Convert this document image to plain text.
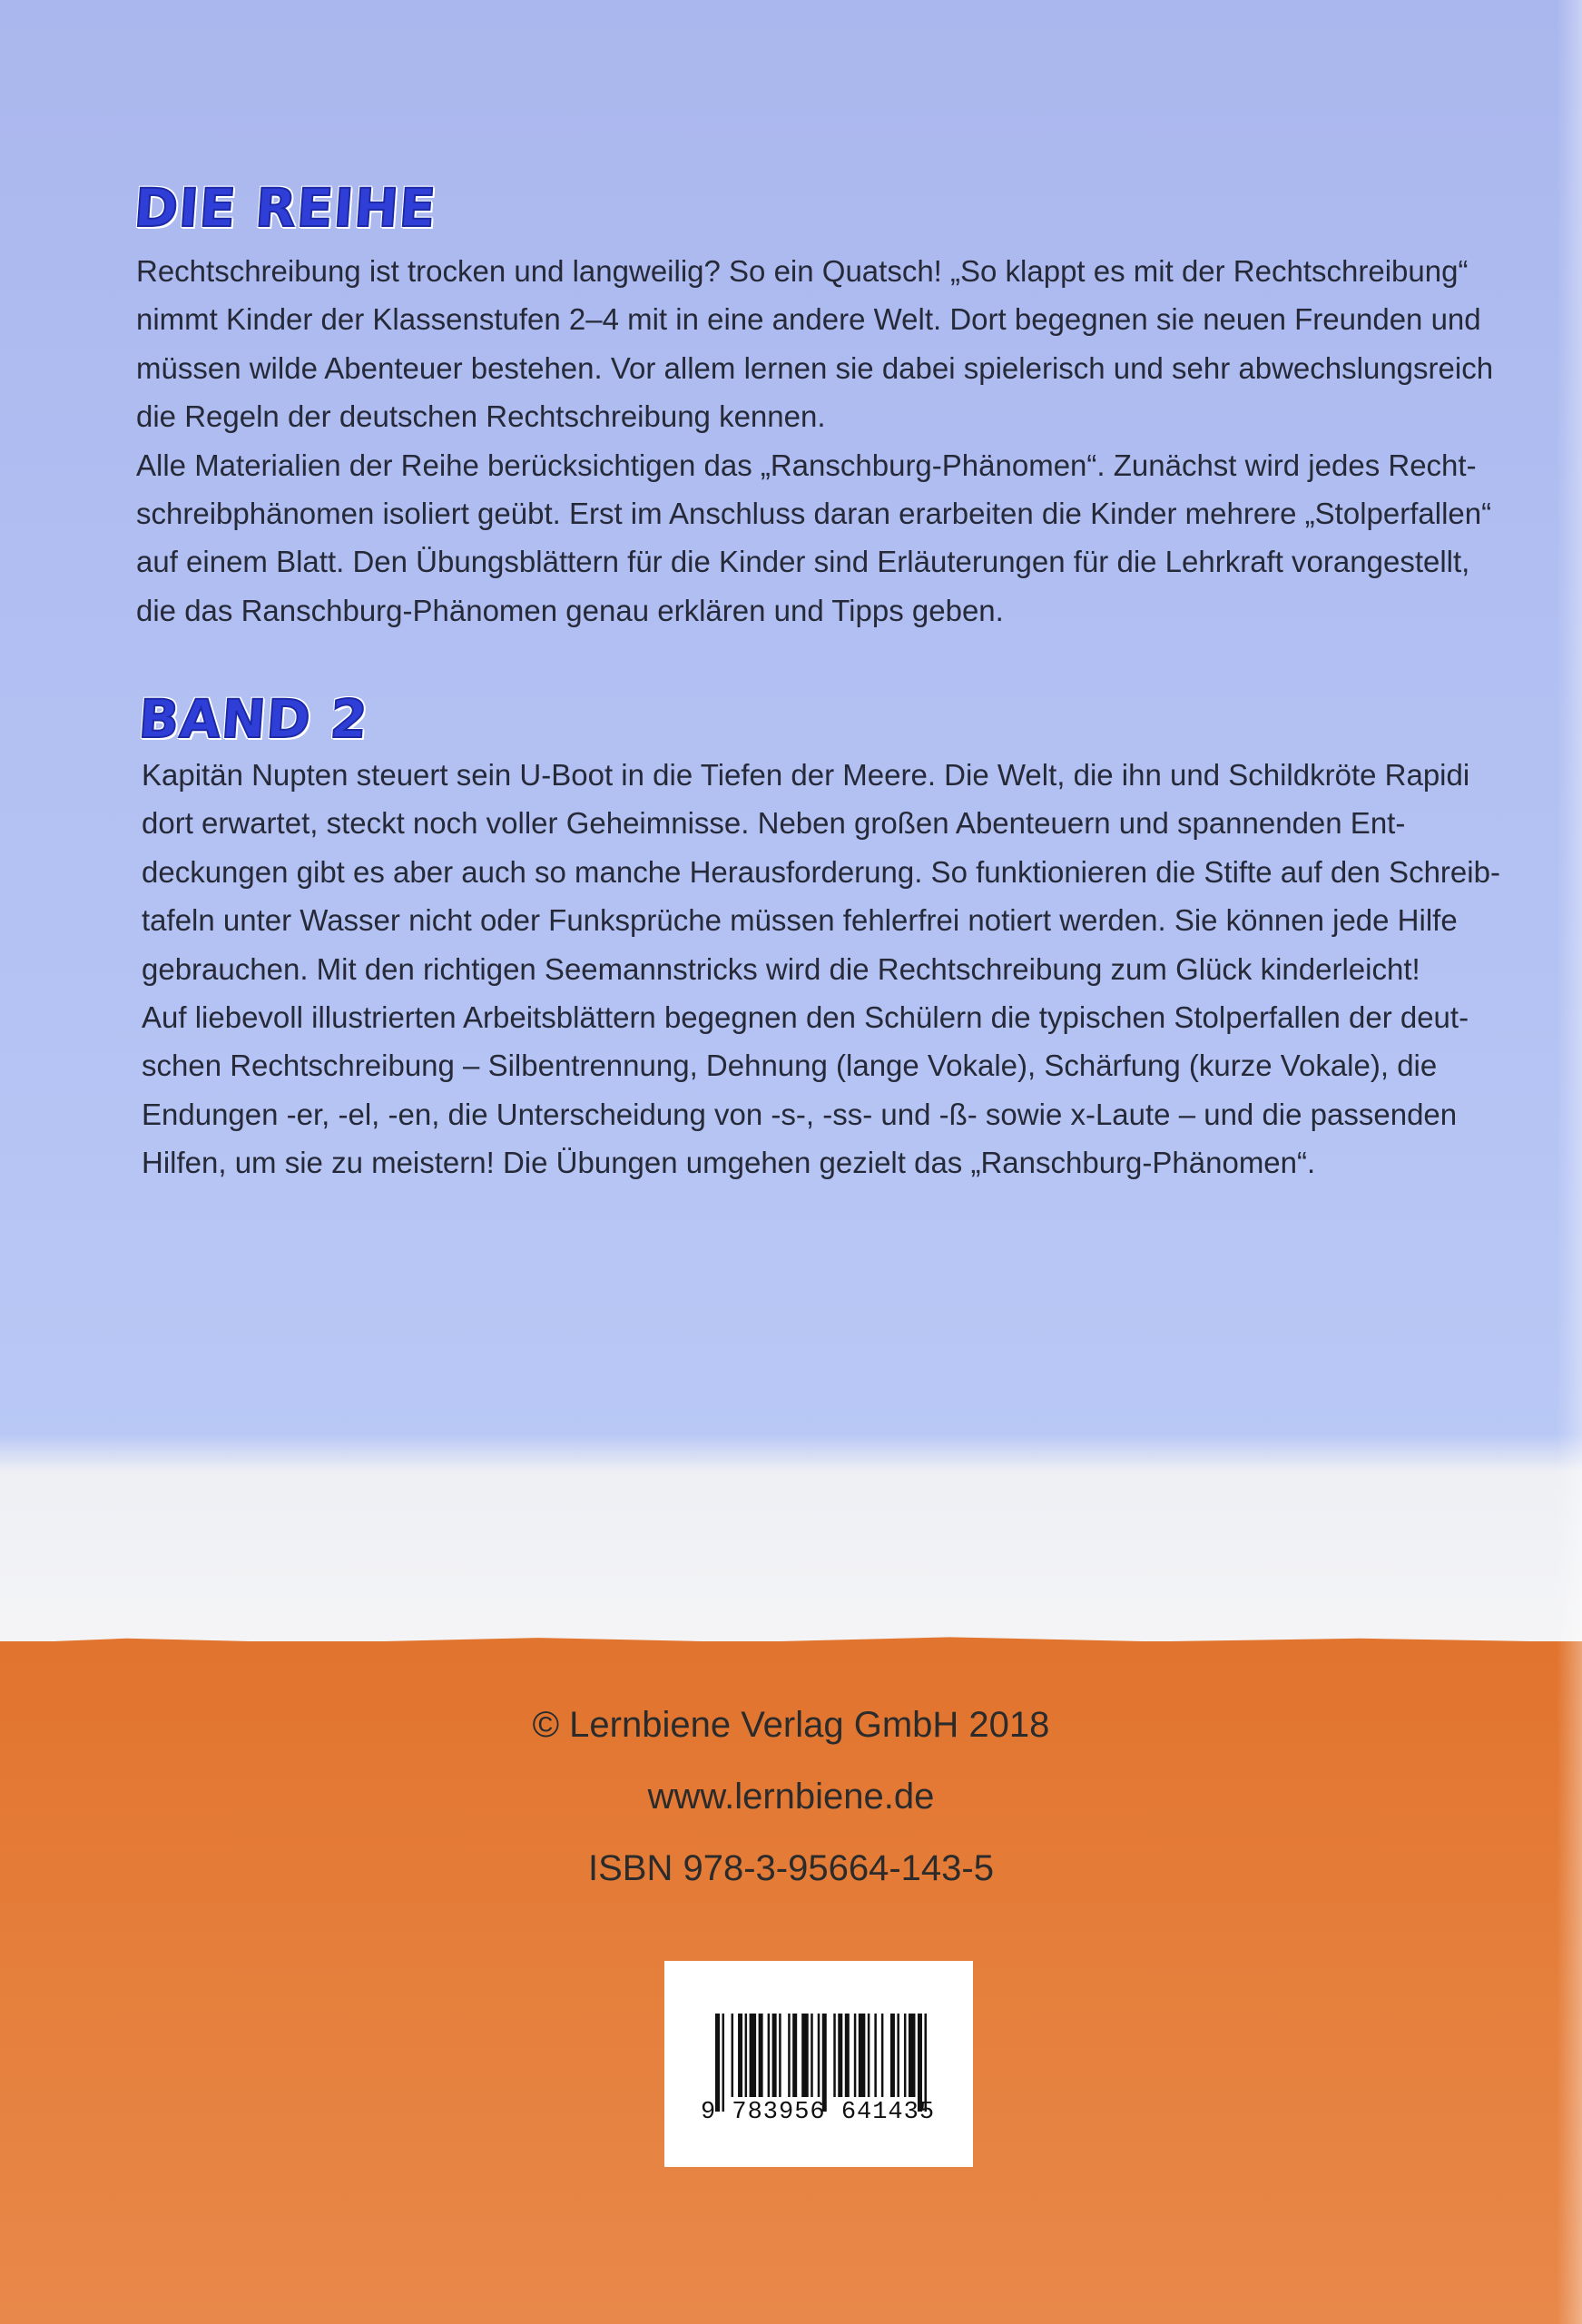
DIE REIHE
Rechtschreibung ist trocken und langweilig? So ein Quatsch! „So klappt es mit der Rechtschreibung“
nimmt Kinder der Klassenstufen 2–4 mit in eine andere Welt. Dort begegnen sie neuen Freunden und
müssen wilde Abenteuer bestehen. Vor allem lernen sie dabei spielerisch und sehr abwechslungsreich
die Regeln der deutschen Rechtschreibung kennen.
Alle Materialien der Reihe berücksichtigen das „Ranschburg-Phänomen“. Zunächst wird jedes Recht-
schreibphänomen isoliert geübt. Erst im Anschluss daran erarbeiten die Kinder mehrere „Stolperfallen“
auf einem Blatt. Den Übungsblättern für die Kinder sind Erläuterungen für die Lehrkraft vorangestellt,
die das Ranschburg-Phänomen genau erklären und Tipps geben.
BAND 2
Kapitän Nupten steuert sein U-Boot in die Tiefen der Meere. Die Welt, die ihn und Schildkröte Rapidi
dort erwartet, steckt noch voller Geheimnisse. Neben großen Abenteuern und spannenden Ent-
deckungen gibt es aber auch so manche Herausforderung. So funktionieren die Stifte auf den Schreib-
tafeln unter Wasser nicht oder Funksprüche müssen fehlerfrei notiert werden. Sie können jede Hilfe
gebrauchen. Mit den richtigen Seemannstricks wird die Rechtschreibung zum Glück kinderleicht!
Auf liebevoll illustrierten Arbeitsblättern begegnen den Schülern die typischen Stolperfallen der deut-
schen Rechtschreibung – Silbentrennung, Dehnung (lange Vokale), Schärfung (kurze Vokale), die
Endungen -er, -el, -en, die Unterscheidung von -s-, -ss- und -ß- sowie x-Laute – und die passenden
Hilfen, um sie zu meistern! Die Übungen umgehen gezielt das „Ranschburg-Phänomen“.
© Lernbiene Verlag GmbH 2018
www.lernbiene.de
ISBN 978-3-95664-143-5
9 783956 641435
